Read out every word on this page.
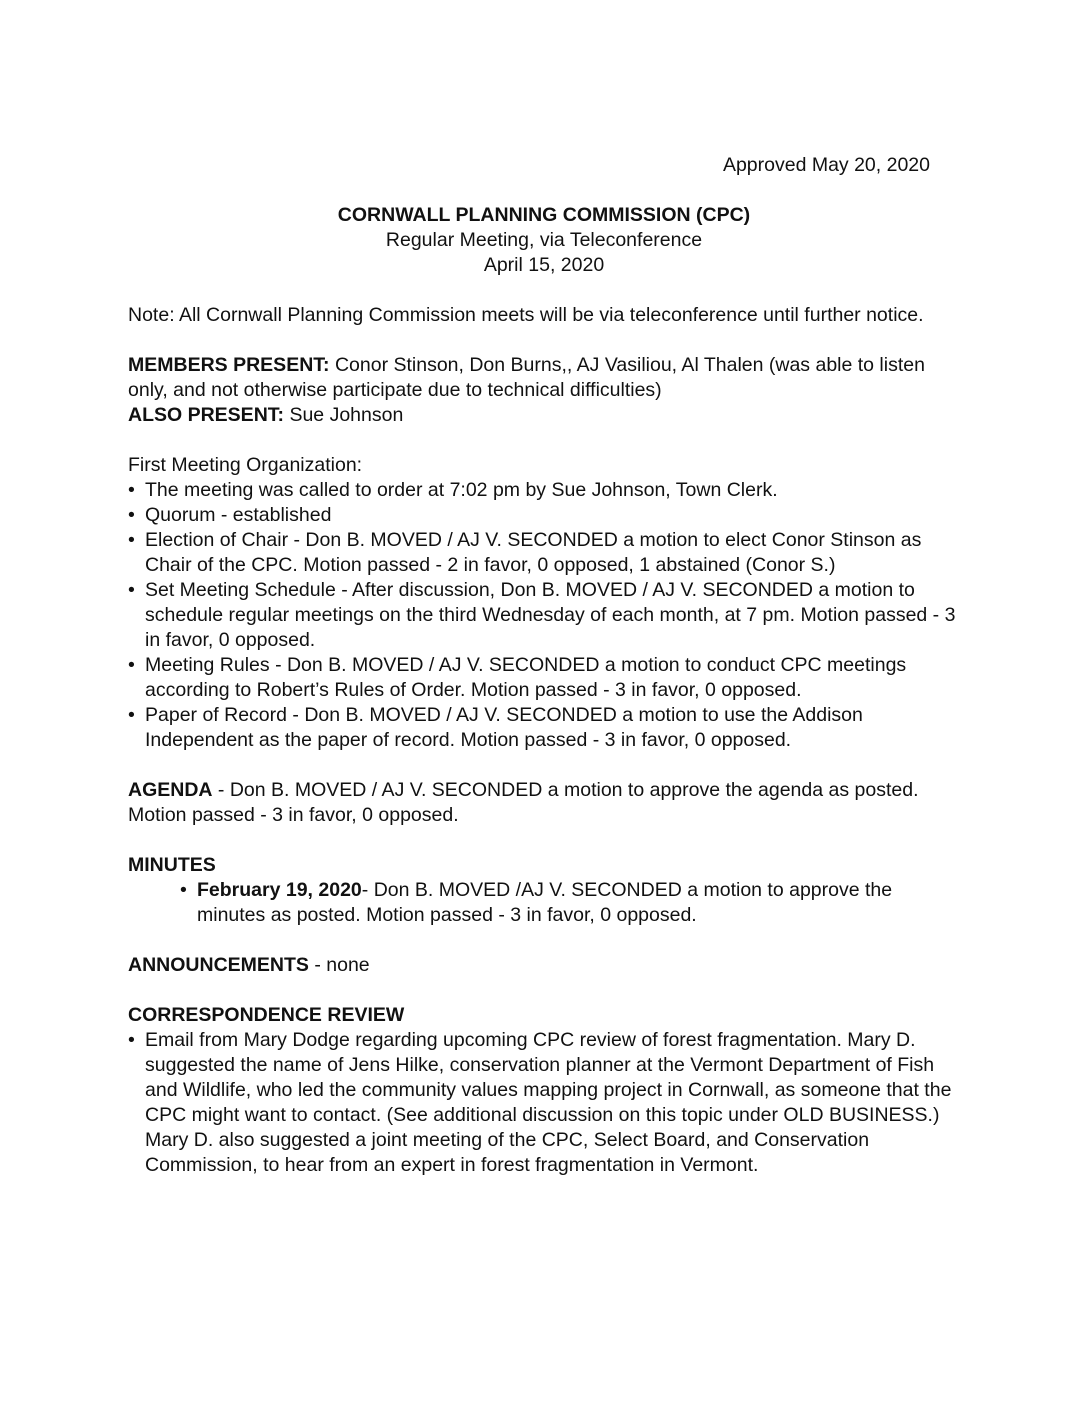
Approved May 20, 2020
CORNWALL PLANNING COMMISSION (CPC)
Regular Meeting, via Teleconference
April 15, 2020

Note: All Cornwall Planning Commission meets will be via teleconference until further notice.

MEMBERS PRESENT: Conor Stinson, Don Burns,, AJ Vasiliou, Al Thalen (was able to listen only, and not otherwise participate due to technical difficulties)

ALSO PRESENT: Sue Johnson

First Meeting Organization:

• The meeting was called to order at 7:02 pm by Sue Johnson, Town Clerk.
• Quorum - established
• Election of Chair - Don B. MOVED / AJ V. SECONDED a motion to elect Conor Stinson as Chair of the CPC. Motion passed - 2 in favor, 0 opposed, 1 abstained (Conor S.)
• Set Meeting Schedule - After discussion, Don B. MOVED / AJ V. SECONDED a motion to schedule regular meetings on the third Wednesday of each month, at 7 pm. Motion passed - 3 in favor, 0 opposed.
• Meeting Rules - Don B. MOVED / AJ V. SECONDED a motion to conduct CPC meetings according to Robert’s Rules of Order. Motion passed - 3 in favor, 0 opposed.
• Paper of Record - Don B. MOVED / AJ V. SECONDED a motion to use the Addison Independent as the paper of record. Motion passed - 3 in favor, 0 opposed.

AGENDA - Don B. MOVED / AJ V. SECONDED a motion to approve the agenda as posted. Motion passed - 3 in favor, 0 opposed.

MINUTES

• February 19, 2020- Don B. MOVED /AJ V. SECONDED a motion to approve the minutes as posted. Motion passed - 3 in favor, 0 opposed.

ANNOUNCEMENTS - none

CORRESPONDENCE REVIEW

• Email from Mary Dodge regarding upcoming CPC review of forest fragmentation. Mary D. suggested the name of Jens Hilke, conservation planner at the Vermont Department of Fish and Wildlife, who led the community values mapping project in Cornwall, as someone that the CPC might want to contact. (See additional discussion on this topic under OLD BUSINESS.) Mary D. also suggested a joint meeting of the CPC, Select Board, and Conservation Commission, to hear from an expert in forest fragmentation in Vermont.
